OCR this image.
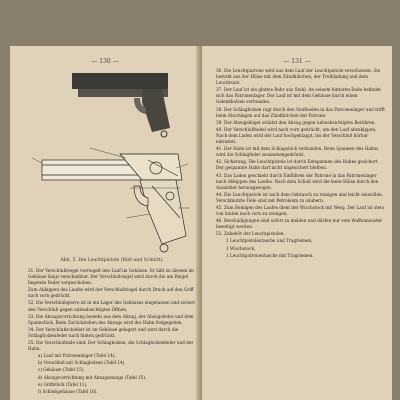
— 130 —
Abb. 5. Die Leuchtpistole (Bild und Schnitt).

31. Der Verschlußriegel verriegelt den Lauf im Gehäuse. Er läßt zu diesem im Gehäuse längs verschiebbar. Der Verschlußriegel wird durch die am Riegel liegende Feder vorgeschoben.

Zum Abkippen des Laufes wird der Verschlußriegel durch Druck auf den Griff nach vorn gedrückt.

32. Die Verschlußsperre ist in ein Lager des Gehäuses eingelassen und sichert den Verschluß gegen unbeabsichtigtes Öffnen.

33. Die Abzugsvorrichtung besteht aus dem Abzug, der Abzugsfeder und dem Spannstück. Beim Zurückziehen des Abzugs wird der Hahn freigegeben.

34. Der Verschlußschieber ist im Gehäuse gelagert und wird durch die Schlagbolzenfeder nach hinten gedrückt.

35. Die Verschlußteile sind: Der Schlagbolzen, die Schlagbolzenfeder und der Hahn.

a) Lauf mit Patronenlager (Tafel 14),

b) Verschluß mit Schlagbolzen (Tafel 14),

c) Gehäuse (Tafel 15),

d) Abzugsvorrichtung mit Abzugsstange (Tafel 15),

e) Griffstück (Tafel 11),

f) Schloßgehäuse (Tafel 16).

— 131 —

36. Die Leuchtpatrone wird aus dem Lauf der Leuchtpistole verschossen. Sie besteht aus der Hülse mit dem Zündhütchen, der Treibladung und dem Leuchtsatz.

37. Der Lauf ist ein glattes Rohr aus Stahl. An seinem hinteren Ende befindet sich das Patronenlager. Der Lauf ist mit dem Gehäuse durch einen Gelenkbolzen verbunden.

38. Der Schlagbolzen ragt durch den Stoßboden in das Patronenlager und trifft beim Abschlagen auf das Zündhütchen der Patrone.

39. Der Abzugsbügel schützt den Abzug gegen unbeabsichtigtes Berühren.

40. Der Verschlußhebel wird nach vorn gedrückt, um den Lauf abzukippen. Nach dem Laden wird der Lauf hochgeklappt, bis der Verschluß hörbar einrastet.

41. Der Hahn ist mit dem Schlagstück verbunden. Beim Spannen des Hahns wird die Schlagfeder zusammengedrückt.

42. Sicherung. Die Leuchtpistole ist durch Entspannen des Hahns gesichert. Der gespannte Hahn darf nicht ungesichert bleiben.

43. Das Laden geschieht durch Einführen der Patrone in das Patronenlager nach Abkippen des Laufes. Nach dem Schuß wird die leere Hülse durch den Auszieher herausgezogen.

44. Die Leuchtpistole ist nach dem Gebrauch zu reinigen und leicht einzuölen. Verschmutzte Teile sind mit Petroleum zu säubern.

45. Zum Reinigen des Laufes dient der Wischstock mit Werg. Der Lauf ist stets von hinten nach vorn zu reinigen.

46. Beschädigungen sind sofort zu melden und dürfen nur vom Waffenmeister beseitigt werden.

53. Zubehör der Leuchtpistolen:

1 Leuchtpistolentasche und Tragriemen,

1 Wischstock,

1 Leuchtpatronentasche mit Tragriemen.
